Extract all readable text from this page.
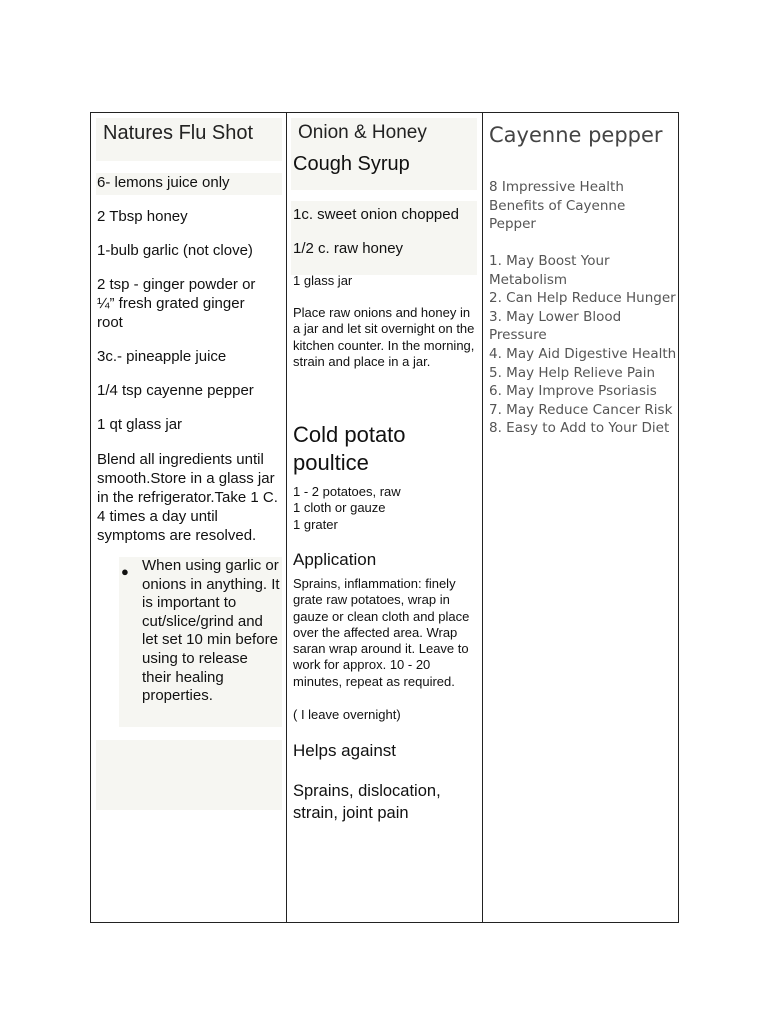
Natures Flu Shot
6- lemons juice only
2 Tbsp honey
1-bulb garlic (not clove)
2 tsp - ginger powder or
¼” fresh grated ginger
root
3c.- pineapple juice
1/4 tsp cayenne pepper
1 qt glass jar
Blend all ingredients until smooth.Store in a glass jar in the refrigerator.Take 1 C. 4 times a day until symptoms are resolved.
● When using garlic or onions in anything. It is important to cut/slice/grind and let set 10 min before using to release their healing properties.
Onion & Honey
Cough Syrup
1c. sweet onion chopped
1/2 c. raw honey
1 glass jar
Place raw onions and honey in a jar and let sit overnight on the kitchen counter. In the morning, strain and place in a jar.
Cold potato poultice
1 - 2 potatoes, raw
1 cloth or gauze
1 grater
Application
Sprains, inflammation: finely grate raw potatoes, wrap in gauze or clean cloth and place over the affected area. Wrap saran wrap around it. Leave to work for approx. 10 - 20 minutes, repeat as required.
( I leave overnight)
Helps against
Sprains, dislocation, strain, joint pain
Cayenne pepper
8 Impressive Health Benefits of Cayenne Pepper
1. May Boost Your Metabolism
2. Can Help Reduce Hunger
3. May Lower Blood Pressure
4. May Aid Digestive Health
5. May Help Relieve Pain
6. May Improve Psoriasis
7. May Reduce Cancer Risk
8. Easy to Add to Your Diet
